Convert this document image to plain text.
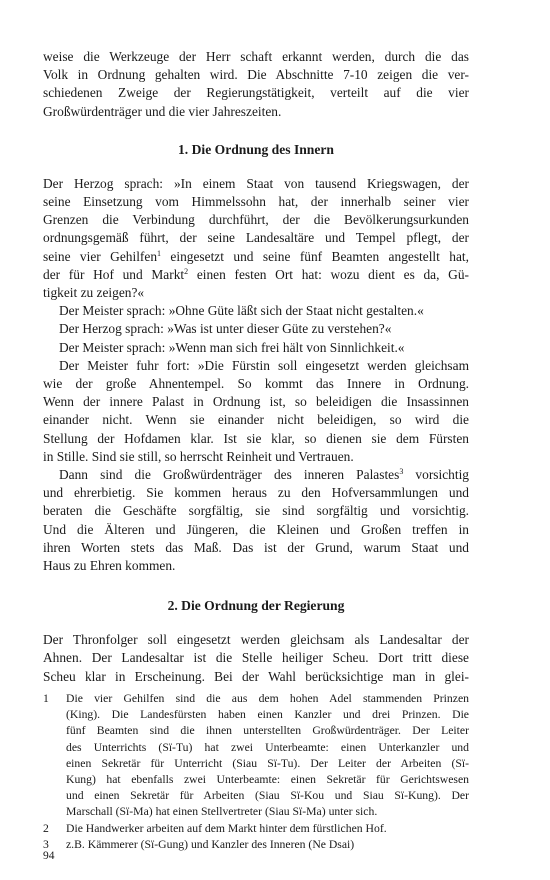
weise die Werkzeuge der Herr schaft erkannt werden, durch die das
Volk in Ordnung gehalten wird. Die Abschnitte 7-10 zeigen die ver-
schiedenen Zweige der Regierungstätigkeit, verteilt auf die vier
Großwürdenträger und die vier Jahreszeiten.

1. Die Ordnung des Innern

Der Herzog sprach: »In einem Staat von tausend Kriegswagen, der
seine Einsetzung vom Himmelssohn hat, der innerhalb seiner vier
Grenzen die Verbindung durchführt, der die Bevölkerungsurkunden
ordnungsgemäß führt, der seine Landesaltäre und Tempel pflegt, der
seine vier Gehilfen$^1$ eingesetzt und seine fünf Beamten angestellt hat,
der für Hof und Markt$^2$ einen festen Ort hat: wozu dient es da, Gü-
tigkeit zu zeigen?«
Der Meister sprach: »Ohne Güte läßt sich der Staat nicht gestalten.«
Der Herzog sprach: »Was ist unter dieser Güte zu verstehen?«
Der Meister sprach: »Wenn man sich frei hält von Sinnlichkeit.«
Der Meister fuhr fort: »Die Fürstin soll eingesetzt werden gleichsam
wie der große Ahnentempel. So kommt das Innere in Ordnung.
Wenn der innere Palast in Ordnung ist, so beleidigen die Insassinnen
einander nicht. Wenn sie einander nicht beleidigen, so wird die
Stellung der Hofdamen klar. Ist sie klar, so dienen sie dem Fürsten
in Stille. Sind sie still, so herrscht Reinheit und Vertrauen.
Dann sind die Großwürdenträger des inneren Palastes$^3$ vorsichtig
und ehrerbietig. Sie kommen heraus zu den Hofversammlungen und
beraten die Geschäfte sorgfältig, sie sind sorgfältig und vorsichtig.
Und die Älteren und Jüngeren, die Kleinen und Großen treffen in
ihren Worten stets das Maß. Das ist der Grund, warum Staat und
Haus zu Ehren kommen.

2. Die Ordnung der Regierung

Der Thronfolger soll eingesetzt werden gleichsam als Landesaltar der
Ahnen. Der Landesaltar ist die Stelle heiliger Scheu. Dort tritt diese
Scheu klar in Erscheinung. Bei der Wahl berücksichtige man in glei-

1	Die vier Gehilfen sind die aus dem hohen Adel stammenden Prinzen
(King). Die Landesfürsten haben einen Kanzler und drei Prinzen. Die
fünf Beamten sind die ihnen unterstellten Großwürdenträger. Der Leiter
des Unterrichts (Sï-Tu) hat zwei Unterbeamte: einen Unterkanzler und
einen Sekretär für Unterricht (Siau Sï-Tu). Der Leiter der Arbeiten (Sï-
Kung) hat ebenfalls zwei Unterbeamte: einen Sekretär für Gerichtswesen
und einen Sekretär für Arbeiten (Siau Sï-Kou und Siau Sï-Kung). Der
Marschall (Sï-Ma) hat einen Stellvertreter (Siau Sï-Ma) unter sich.
2	Die Handwerker arbeiten auf dem Markt hinter dem fürstlichen Hof.
3	z.B. Kämmerer (Sï-Gung) und Kanzler des Inneren (Ne Dsai)
94
